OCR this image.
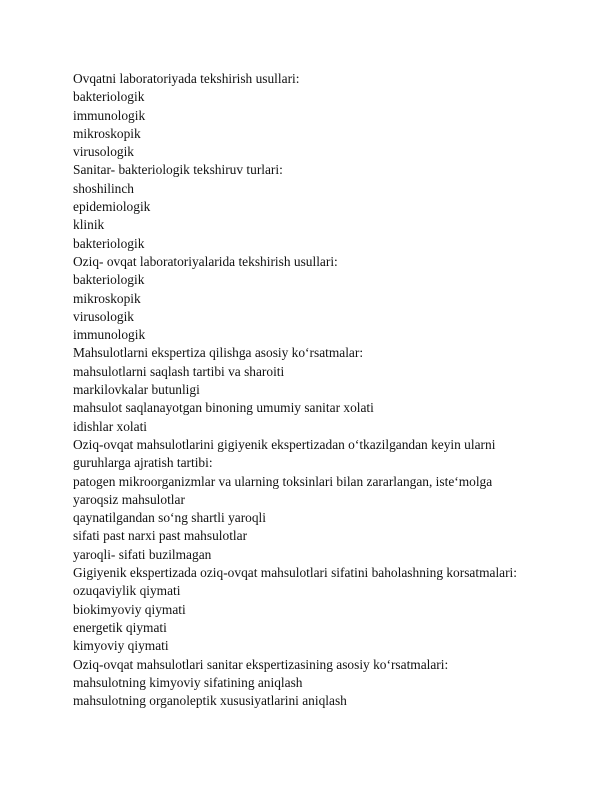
Ovqatni laboratoriyada tekshirish usullari:
bakteriologik
immunologik
mikroskopik
virusologik
Sanitar- bakteriologik tekshiruv turlari:
shoshilinch
epidemiologik
klinik
bakteriologik
Oziq- ovqat laboratoriyalarida tekshirish usullari:
bakteriologik
mikroskopik
virusologik
immunologik
Mahsulotlarni ekspertiza qilishga asosiy ko‘rsatmalar:
mahsulotlarni saqlash tartibi va sharoiti
markilovkalar butunligi
mahsulot saqlanayotgan binoning umumiy sanitar xolati
idishlar xolati
Oziq-ovqat mahsulotlarini gigiyenik ekspertizadan o‘tkazilgandan keyin ularni
guruhlarga ajratish tartibi:
patogen mikroorganizmlar va ularning toksinlari bilan zararlangan, iste‘molga
yaroqsiz mahsulotlar
qaynatilgandan so‘ng shartli yaroqli
sifati past narxi past mahsulotlar
yaroqli- sifati buzilmagan
Gigiyenik ekspertizada oziq-ovqat mahsulotlari sifatini baholashning korsatmalari:
ozuqaviylik qiymati
biokimyoviy qiymati
energetik qiymati
kimyoviy qiymati
Oziq-ovqat mahsulotlari sanitar ekspertizasining asosiy ko‘rsatmalari:
mahsulotning kimyoviy sifatining aniqlash
mahsulotning organoleptik xususiyatlarini aniqlash
